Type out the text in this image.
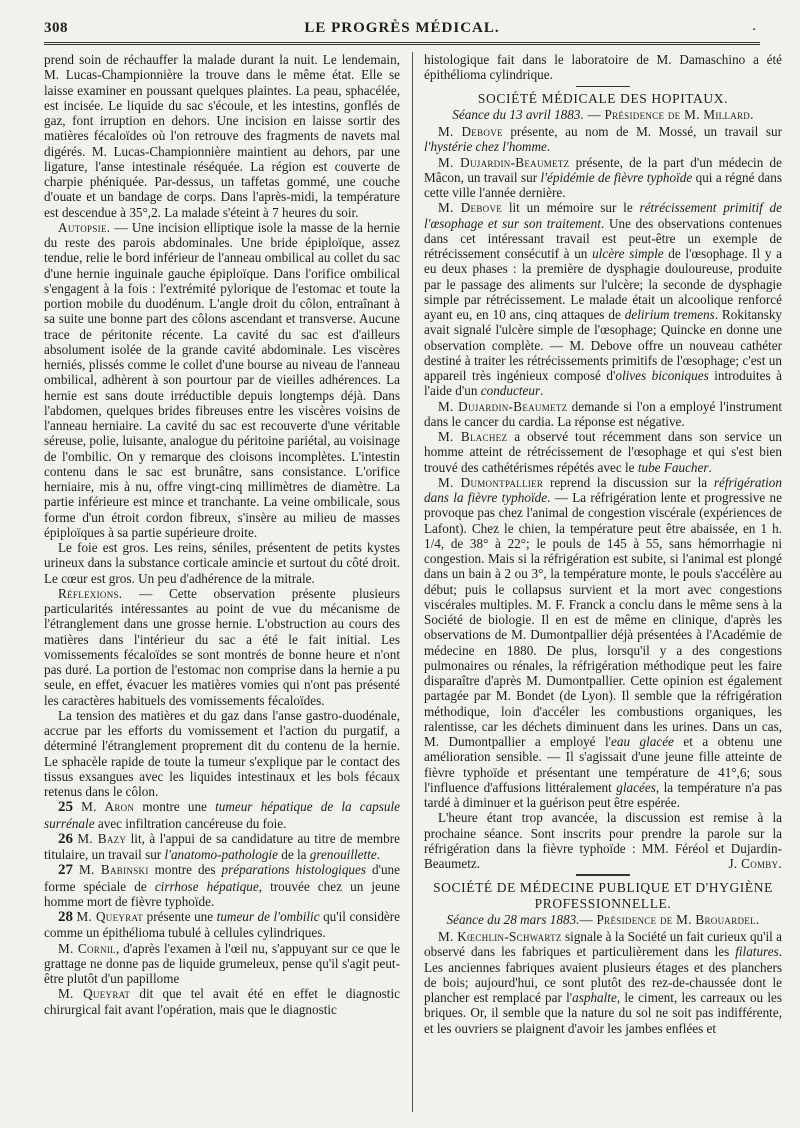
308	LE PROGRÈS MÉDICAL.	.

prend soin de réchauffer la malade durant la nuit. Le lendemain, M. Lucas-Championnière la trouve dans le même état. Elle se laisse examiner en poussant quelques plaintes. La peau, sphacélée, est incisée. Le liquide du sac s'écoule, et les intestins, gonflés de gaz, font irruption en dehors. Une incision en laisse sortir des matières fécaloïdes où l'on retrouve des fragments de navets mal digérés. M. Lucas-Championnière maintient au dehors, par une ligature, l'anse intestinale réséquée. La région est couverte de charpie phéniquée. Par-dessus, un taffetas gommé, une couche d'ouate et un bandage de corps. Dans l'après-midi, la température est descendue à 35°,2. La malade s'éteint à 7 heures du soir.

Autopsie. — Une incision elliptique isole la masse de la hernie du reste des parois abdominales. Une bride épiploïque, assez tendue, relie le bord inférieur de l'anneau ombilical au collet du sac d'une hernie inguinale gauche épiploïque. Dans l'orifice ombilical s'engagent à la fois : l'extrémité pylorique de l'estomac et toute la portion mobile du duodénum. L'angle droit du côlon, entraînant à sa suite une bonne part des côlons ascendant et transverse. Aucune trace de péritonite récente. La cavité du sac est d'ailleurs absolument isolée de la grande cavité abdominale. Les viscères herniés, plissés comme le collet d'une bourse au niveau de l'anneau ombilical, adhèrent à son pourtour par de vieilles adhérences. La hernie est sans doute irréductible depuis longtemps déjà. Dans l'abdomen, quelques brides fibreuses entre les viscères voisins de l'anneau herniaire. La cavité du sac est recouverte d'une véritable séreuse, polie, luisante, analogue du péritoine pariétal, au voisinage de l'ombilic. On y remarque des cloisons incomplètes. L'intestin contenu dans le sac est brunâtre, sans consistance. L'orifice herniaire, mis à nu, offre vingt-cinq millimètres de diamètre. La partie inférieure est mince et tranchante. La veine ombilicale, sous forme d'un étroit cordon fibreux, s'insère au milieu de masses épiploïques à sa partie supérieure droite.

Le foie est gros. Les reins, séniles, présentent de petits kystes urineux dans la substance corticale amincie et surtout du côté droit. Le cœur est gros. Un peu d'adhérence de la mitrale.

Réflexions. — Cette observation présente plusieurs particularités intéressantes au point de vue du mécanisme de l'étranglement dans une grosse hernie. L'obstruction au cours des matières dans l'intérieur du sac a été le fait initial. Les vomissements fécaloïdes se sont montrés de bonne heure et n'ont pas duré. La portion de l'estomac non comprise dans la hernie a pu seule, en effet, évacuer les matières vomies qui n'ont pas présenté les caractères habituels des vomissements fécaloïdes.

La tension des matières et du gaz dans l'anse gastro-duodénale, accrue par les efforts du vomissement et l'action du purgatif, a déterminé l'étranglement proprement dit du contenu de la hernie. Le sphacèle rapide de toute la tumeur s'explique par le contact des tissus exsangues avec les liquides intestinaux et les bols fécaux retenus dans le côlon.

25 M. Aron montre une tumeur hépatique de la capsule surrénale avec infiltration cancéreuse du foie.

26 M. Bazy lit, à l'appui de sa candidature au titre de membre titulaire, un travail sur l'anatomo-pathologie de la grenouillette.

27 M. Babinski montre des préparations histologiques d'une forme spéciale de cirrhose hépatique, trouvée chez un jeune homme mort de fièvre typhoïde.

28 M. Queyrat présente une tumeur de l'ombilic qu'il considère comme un épithélioma tubulé à cellules cylindriques.

M. Cornil, d'après l'examen à l'œil nu, s'appuyant sur ce que le grattage ne donne pas de liquide grumeleux, pense qu'il s'agit peut-être plutôt d'un papillome

M. Queyrat dit que tel avait été en effet le diagnostic chirurgical fait avant l'opération, mais que le diagnostic

histologique fait dans le laboratoire de M. Damaschino a été épithélioma cylindrique.

SOCIÉTÉ MÉDICALE DES HOPITAUX.

Séance du 13 avril 1883. — Présidence de M. Millard.

M. Debove présente, au nom de M. Mossé, un travail sur l'hystérie chez l'homme.

M. Dujardin-Beaumetz présente, de la part d'un médecin de Mâcon, un travail sur l'épidémie de fièvre typhoïde qui a régné dans cette ville l'année dernière.

M. Debove lit un mémoire sur le rétrécissement primitif de l'œsophage et sur son traitement. Une des observations contenues dans cet intéressant travail est peut-être un exemple de rétrécissement consécutif à un ulcère simple de l'œsophage. Il y a eu deux phases : la première de dysphagie douloureuse, produite par le passage des aliments sur l'ulcère; la seconde de dysphagie simple par rétrécissement. Le malade était un alcoolique renforcé ayant eu, en 10 ans, cinq attaques de delirium tremens. Rokitansky avait signalé l'ulcère simple de l'œsophage; Quincke en donne une observation complète. — M. Debove offre un nouveau cathéter destiné à traiter les rétrécissements primitifs de l'œsophage; c'est un appareil très ingénieux composé d'olives biconiques introduites à l'aide d'un conducteur.

M. Dujardin-Beaumetz demande si l'on a employé l'instrument dans le cancer du cardia. La réponse est négative.

M. Blachez a observé tout récemment dans son service un homme atteint de rétrécissement de l'œsophage et qui s'est bien trouvé des cathétérismes répétés avec le tube Faucher.

M. Dumontpallier reprend la discussion sur la réfrigération dans la fièvre typhoïde. — La réfrigération lente et progressive ne provoque pas chez l'animal de congestion viscérale (expériences de Lafont). Chez le chien, la température peut être abaissée, en 1 h. 1/4, de 38° à 22°; le pouls de 145 à 55, sans hémorrhagie ni congestion. Mais si la réfrigération est subite, si l'animal est plongé dans un bain à 2 ou 3°, la température monte, le pouls s'accélère au début; puis le collapsus survient et la mort avec congestions viscérales multiples. M. F. Franck a conclu dans le même sens à la Société de biologie. Il en est de même en clinique, d'après les observations de M. Dumontpallier déjà présentées à l'Académie de médecine en 1880. De plus, lorsqu'il y a des congestions pulmonaires ou rénales, la réfrigération méthodique peut les faire disparaître d'après M. Dumontpallier. Cette opinion est également partagée par M. Bondet (de Lyon). Il semble que la réfrigération méthodique, loin d'accéler les combustions organiques, les ralentisse, car les déchets diminuent dans les urines. Dans un cas, M. Dumontpallier a employé l'eau glacée et a obtenu une amélioration sensible. — Il s'agissait d'une jeune fille atteinte de fièvre typhoïde et présentant une température de 41°,6; sous l'influence d'affusions littéralement glacées, la température n'a pas tardé à diminuer et la guérison peut être espérée.

L'heure étant trop avancée, la discussion est remise à la prochaine séance. Sont inscrits pour prendre la parole sur la réfrigération dans la fièvre typhoïde : MM. Féréol et Dujardin-Beaumetz.	J. Comby.

SOCIÉTÉ DE MÉDECINE PUBLIQUE ET D'HYGIÈNE PROFESSIONNELLE.

Séance du 28 mars 1883.— Présidence de M. Brouardel.

M. Kœchlin-Schwartz signale à la Société un fait curieux qu'il a observé dans les fabriques et particulièrement dans les filatures. Les anciennes fabriques avaient plusieurs étages et des planchers de bois; aujourd'hui, ce sont plutôt des rez-de-chaussée dont le plancher est remplacé par l'asphalte, le ciment, les carreaux ou les briques. Or, il semble que la nature du sol ne soit pas indifférente, et les ouvriers se plaignent d'avoir les jambes enflées et
